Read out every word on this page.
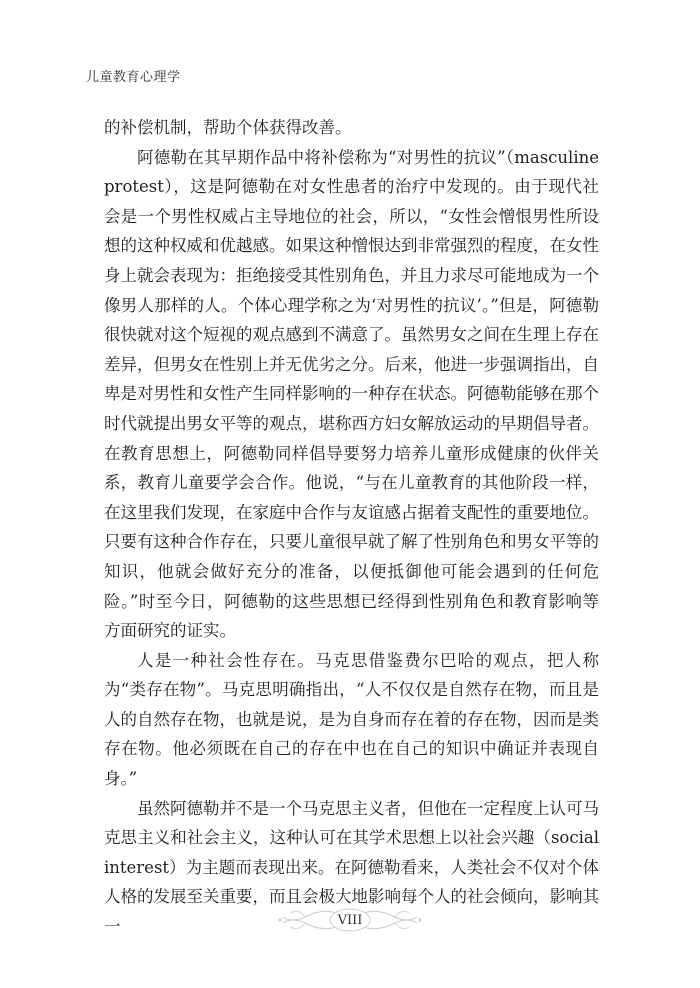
儿童教育心理学

的补偿机制，帮助个体获得改善。

阿德勒在其早期作品中将补偿称为“对男性的抗议”（masculine protest），这是阿德勒在对女性患者的治疗中发现的。由于现代社会是一个男性权威占主导地位的社会，所以，“女性会憎恨男性所设想的这种权威和优越感。如果这种憎恨达到非常强烈的程度，在女性身上就会表现为：拒绝接受其性别角色，并且力求尽可能地成为一个像男人那样的人。个体心理学称之为‘对男性的抗议’。”但是，阿德勒很快就对这个短视的观点感到不满意了。虽然男女之间在生理上存在差异，但男女在性别上并无优劣之分。后来，他进一步强调指出，自卑是对男性和女性产生同样影响的一种存在状态。阿德勒能够在那个时代就提出男女平等的观点，堪称西方妇女解放运动的早期倡导者。在教育思想上，阿德勒同样倡导要努力培养儿童形成健康的伙伴关系，教育儿童要学会合作。他说，“与在儿童教育的其他阶段一样，在这里我们发现，在家庭中合作与友谊感占据着支配性的重要地位。只要有这种合作存在，只要儿童很早就了解了性别角色和男女平等的知识，他就会做好充分的准备，以便抵御他可能会遇到的任何危险。”时至今日，阿德勒的这些思想已经得到性别角色和教育影响等方面研究的证实。

人是一种社会性存在。马克思借鉴费尔巴哈的观点，把人称为“类存在物”。马克思明确指出，“人不仅仅是自然存在物，而且是人的自然存在物，也就是说，是为自身而存在着的存在物，因而是类存在物。他必须既在自己的存在中也在自己的知识中确证并表现自身。”

虽然阿德勒并不是一个马克思主义者，但他在一定程度上认可马克思主义和社会主义，这种认可在其学术思想上以社会兴趣（social interest）为主题而表现出来。在阿德勒看来，人类社会不仅对个体人格的发展至关重要，而且会极大地影响每个人的社会倾向，影响其一	VIII
